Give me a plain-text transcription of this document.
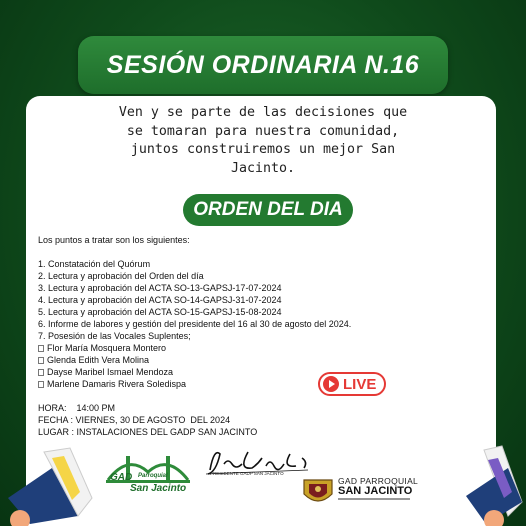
SESIÓN ORDINARIA N.16
Ven y se parte de las decisiones que
se tomaran para nuestra comunidad,
juntos construiremos un mejor San
Jacinto.
ORDEN DEL DIA
Los puntos a tratar son los siguientes:
1. Constatación del Quórum
2. Lectura y aprobación del Orden del día
3. Lectura y aprobación del ACTA SO-13-GAPSJ-17-07-2024
4. Lectura y aprobación del ACTA SO-14-GAPSJ-31-07-2024
5. Lectura y aprobación del ACTA SO-15-GAPSJ-15-08-2024
6. Informe de labores y gestión del presidente del 16 al 30 de agosto del 2024.
7. Posesión de las Vocales Suplentes;
Flor María Mosquera Montero
Glenda Edith Vera Molina
Dayse Maribel Ismael Mendoza
Marlene Damaris Rivera Soledispa	LIVE
HORA:    14:00 PM
FECHA : VIERNES, 30 DE AGOSTO  DEL 2024
LUGAR : INSTALACIONES DEL GADP SAN JACINTO
GAD Parroquial
San Jacinto
PRESIDENTE GADP SAN JACINTO
GAD PARROQUIAL
SAN JACINTO
